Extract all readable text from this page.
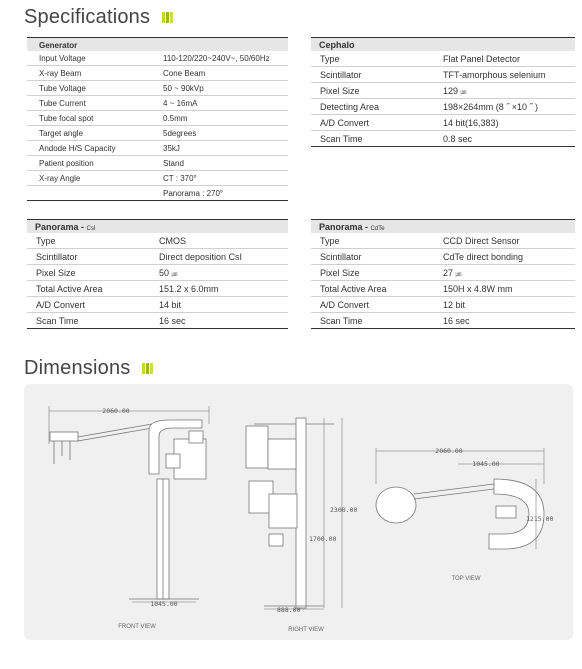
Specifications
Generator	
Input Voltage	110-120/220~240V~, 50/60Hz
X-ray Beam	Cone Beam
Tube Voltage	50 ~ 90kVp
Tube Current	4 ~ 16mA
Tube focal spot	0.5mm
Target angle	5degrees
Andode H/S Capacity	35kJ
Patient position	Stand
X-ray Angle	CT : 370°
	Panorama : 270°
Cephalo	
Type	Flat Panel Detector
Scintillator	TFT-amorphous selenium
Pixel Size	129 ㎛
Detecting Area	198×264mm (8 ˝ ×10 ˝ )
A/D Convert	14 bit(16,383)
Scan Time	0.8 sec
Panorama - CsI	
Type	CMOS
Scintillator	Direct deposition CsI
Pixel Size	50 ㎛
Total Active Area	151.2 x 6.0mm
A/D Convert	14 bit
Scan Time	16 sec
Panorama - CdTe	
Type	CCD Direct Sensor
Scintillator	CdTe direct bonding
Pixel Size	27 ㎛
Total Active Area	150H x 4.8W mm
A/D Convert	12 bit
Scan Time	16 sec
Dimensions
2060.00
1045.00
FRONT VIEW
2300.00
1700.00
888.00
RIGHT VIEW
2060.00
1045.00
1215.00
TOP VIEW
